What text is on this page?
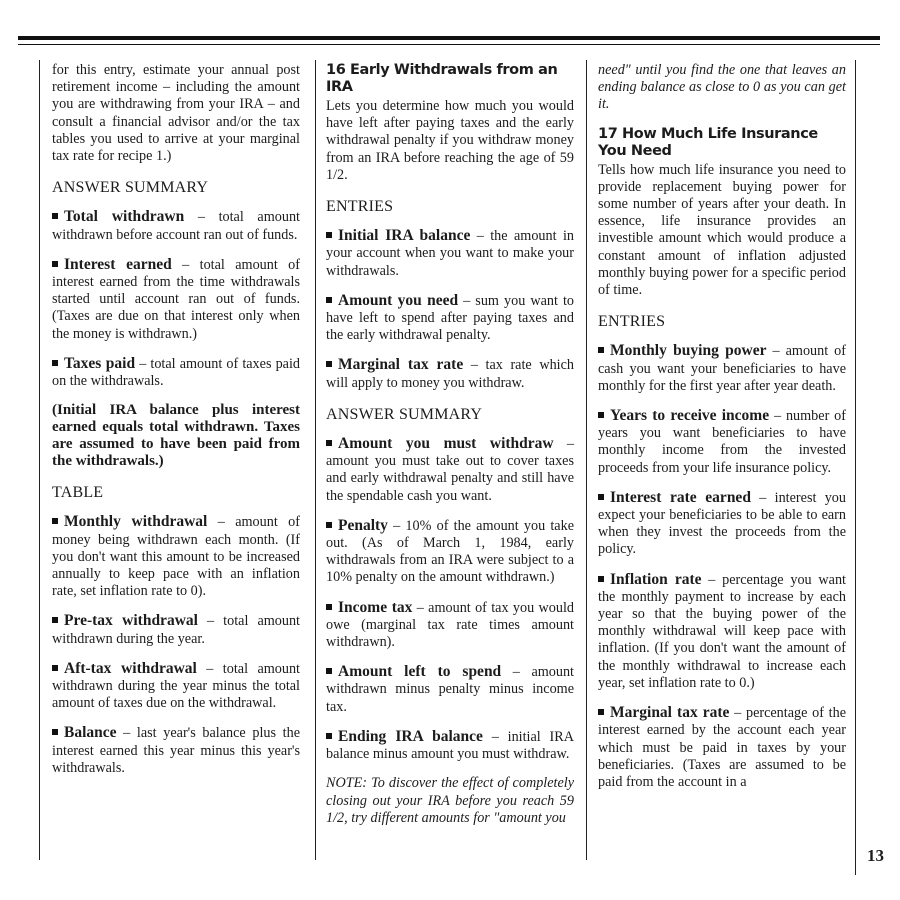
for this entry, estimate your annual post retirement income – including the amount you are withdrawing from your IRA – and consult a financial advisor and/or the tax tables you used to arrive at your marginal tax rate for recipe 1.)

ANSWER SUMMARY

Total withdrawn – total amount withdrawn before account ran out of funds.

Interest earned – total amount of interest earned from the time withdrawals started until account ran out of funds. (Taxes are due on that interest only when the money is withdrawn.)

Taxes paid – total amount of taxes paid on the withdrawals.

(Initial IRA balance plus interest earned equals total withdrawn. Taxes are assumed to have been paid from the withdrawals.)

TABLE

Monthly withdrawal – amount of money being withdrawn each month. (If you don't want this amount to be increased annually to keep pace with an inflation rate, set inflation rate to 0).

Pre-tax withdrawal – total amount withdrawn during the year.

Aft-tax withdrawal – total amount withdrawn during the year minus the total amount of taxes due on the withdrawal.

Balance – last year's balance plus the interest earned this year minus this year's withdrawals.

16 Early Withdrawals from an IRA

Lets you determine how much you would have left after paying taxes and the early withdrawal penalty if you withdraw money from an IRA before reaching the age of 59 1/2.

ENTRIES

Initial IRA balance – the amount in your account when you want to make your withdrawals.

Amount you need – sum you want to have left to spend after paying taxes and the early withdrawal penalty.

Marginal tax rate – tax rate which will apply to money you withdraw.

ANSWER SUMMARY

Amount you must withdraw – amount you must take out to cover taxes and early withdrawal penalty and still have the spendable cash you want.

Penalty – 10% of the amount you take out. (As of March 1, 1984, early withdrawals from an IRA were subject to a 10% penalty on the amount withdrawn.)

Income tax – amount of tax you would owe (marginal tax rate times amount withdrawn).

Amount left to spend – amount withdrawn minus penalty minus income tax.

Ending IRA balance – initial IRA balance minus amount you must withdraw.

NOTE: To discover the effect of completely closing out your IRA before you reach 59 1/2, try different amounts for "amount you

need" until you find the one that leaves an ending balance as close to 0 as you can get it.

17 How Much Life Insurance You Need

Tells how much life insurance you need to provide replacement buying power for some number of years after your death. In essence, life insurance provides an investible amount which would produce a constant amount of inflation adjusted monthly buying power for a specific period of time.

ENTRIES

Monthly buying power – amount of cash you want your beneficiaries to have monthly for the first year after year death.

Years to receive income – number of years you want beneficiaries to have monthly income from the invested proceeds from your life insurance policy.

Interest rate earned – interest you expect your beneficiaries to be able to earn when they invest the proceeds from the policy.

Inflation rate – percentage you want the monthly payment to increase by each year so that the buying power of the monthly withdrawal will keep pace with inflation. (If you don't want the amount of the monthly withdrawal to increase each year, set inflation rate to 0.)

Marginal tax rate – percentage of the interest earned by the account each year which must be paid in taxes by your beneficiaries. (Taxes are assumed to be paid from the account in a

13
